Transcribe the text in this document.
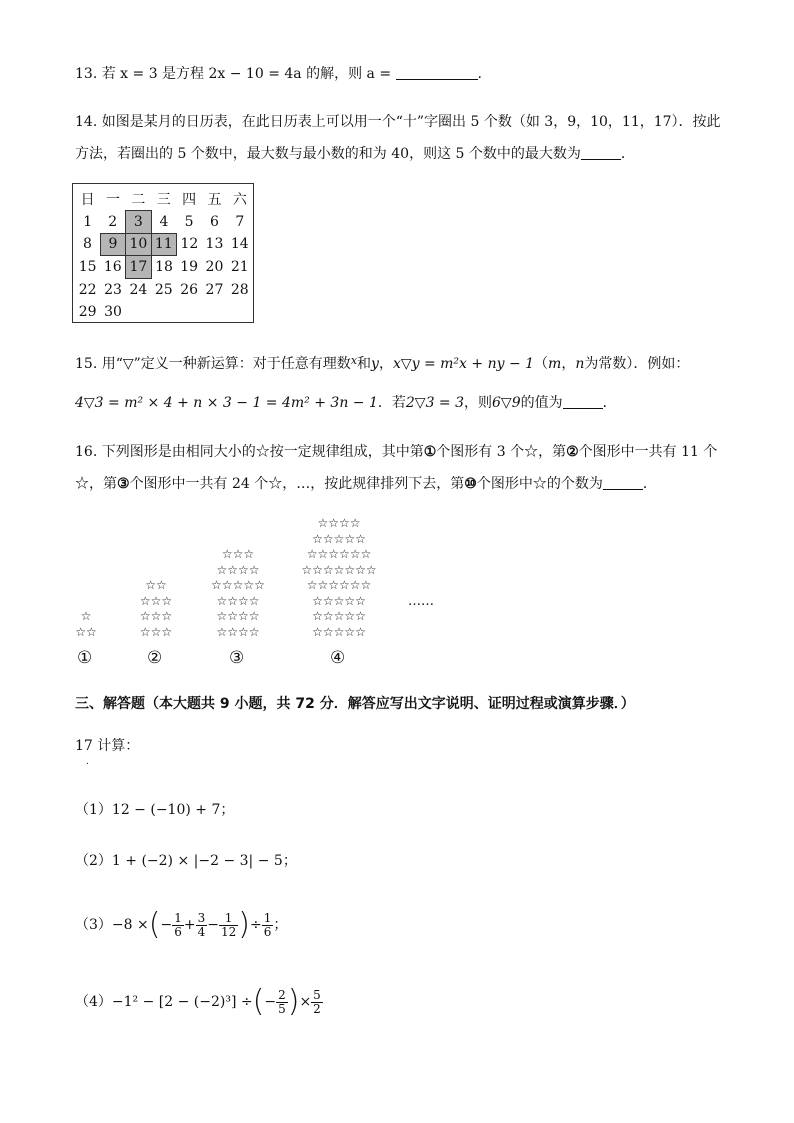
13. 若 x = 3 是方程 2x − 10 = 4a 的解，则 a =	.
14. 如图是某月的日历表，在此日历表上可以用一个“十”字圈出 5 个数（如 3，9，10，11，17）．按此
方法，若圈出的 5 个数中，最大数与最小数的和为 40，则这 5 个数中的最大数为	．
日	一	二	三	四	五	六
1	2	3	4	5	6	7
8	9	10	11	12	13	14
15	16	17	18	19	20	21
22	23	24	25	26	27	28
29	30					
15. 用“▽”定义一种新运算：对于任意有理数$^x$和y，x▽y = m²x + ny − 1（m，n为常数）．例如：
4▽3 = m² × 4 + n × 3 − 1 = 4m² + 3n − 1．若2▽3 = 3，则6▽9的值为	．
16. 下列图形是由相同大小的☆按一定规律组成，其中第①个图形有 3 个☆，第②个图形中一共有 11 个
☆，第③个图形中一共有 24 个☆，…，按此规律排列下去，第⑩个图形中☆的个数为	．
☆
☆☆
①
☆☆
☆☆☆
☆☆☆
☆☆☆
②
☆☆☆
☆☆☆☆
☆☆☆☆☆
☆☆☆☆
☆☆☆☆
☆☆☆☆
③
☆☆☆☆
☆☆☆☆☆
☆☆☆☆☆☆
☆☆☆☆☆☆☆
☆☆☆☆☆☆
☆☆☆☆☆
☆☆☆☆☆
☆☆☆☆☆
④
……
三、解答题（本大题共 9 小题，共 72 分．解答应写出文字说明、证明过程或演算步骤．）
17 计算：
.
（1）12 − (−10) + 7；
（2）1 + (−2) × |−2 − 3| − 5；
（3）−8 ×(− $\frac{1}{6} + \frac{3}{4} - \frac{1}{12}$ )÷ $\frac{1}{6}$ ；
（4）−1² − [2 − (−2)³] ÷(− $\frac{2}{5}$ )× $\frac{5}{2}$
